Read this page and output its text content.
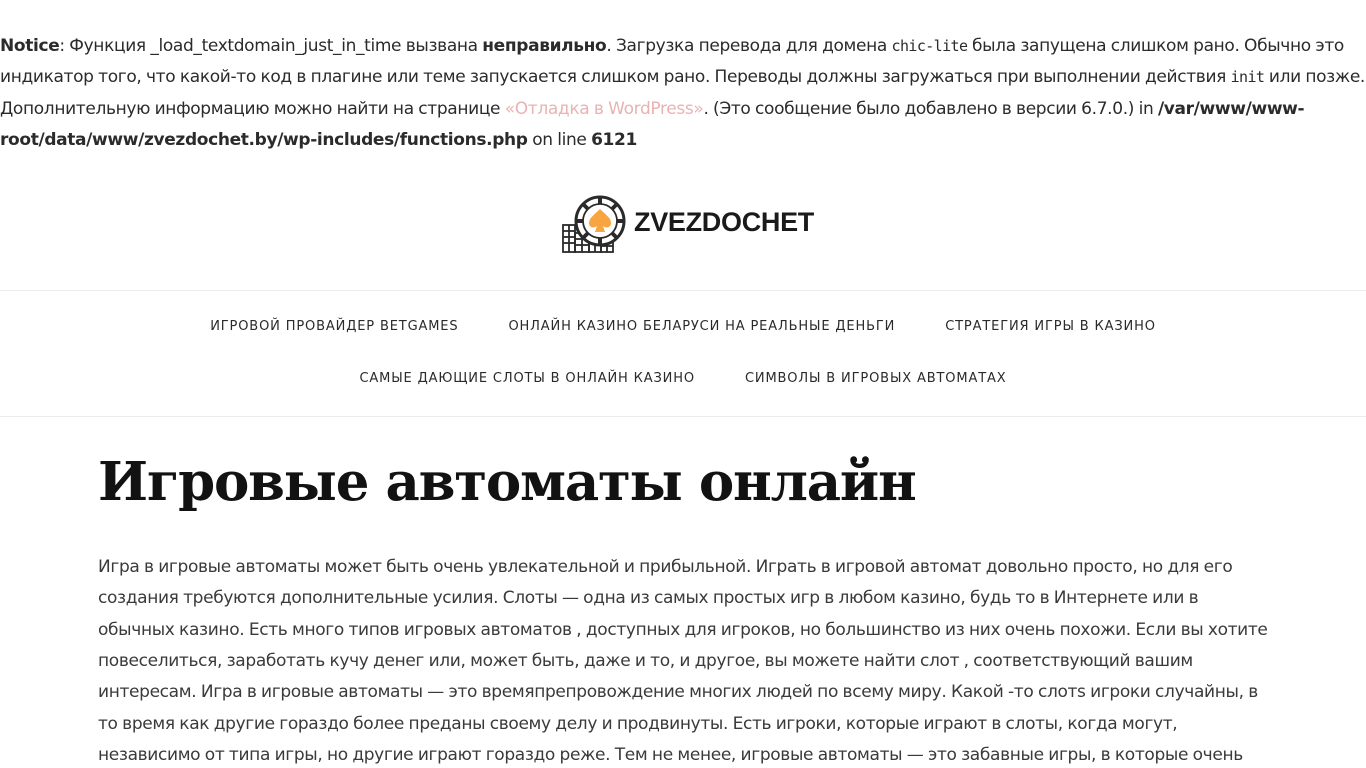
Notice: Функция _load_textdomain_just_in_time вызвана неправильно. Загрузка перевода для домена chic-lite была запущена слишком рано. Обычно это индикатор того, что какой-то код в плагине или теме запускается слишком рано. Переводы должны загружаться при выполнении действия init или позже. Дополнительную информацию можно найти на странице «Отладка в WordPress». (Это сообщение было добавлено в версии 6.7.0.) in /var/www/www-root/data/www/zvezdochet.by/wp-includes/functions.php on line 6121
ZVEZDOCHET
ИГРОВОЙ ПРОВАЙДЕР BETGAMES	ОНЛАЙН КАЗИНО БЕЛАРУСИ НА РЕАЛЬНЫЕ ДЕНЬГИ	СТРАТЕГИЯ ИГРЫ В КАЗИНО
САМЫЕ ДАЮЩИЕ СЛОТЫ В ОНЛАЙН КАЗИНО	СИМВОЛЫ В ИГРОВЫХ АВТОМАТАХ
Игровые автоматы онлайн

Игра в игровые автоматы может быть очень увлекательной и прибыльной. Играть в игровой автомат довольно просто, но для его создания требуются дополнительные усилия. Слоты — одна из самых простых игр в любом казино, будь то в Интернете или в обычных казино. Есть много типов игровых автоматов , доступных для игроков, но большинство из них очень похожи. Если вы хотите повеселиться, заработать кучу денег или, может быть, даже и то, и другое, вы можете найти слот , соответствующий вашим интересам. Игра в игровые автоматы — это времяпрепровождение многих людей по всему миру. Какой -то слотs игроки случайны, в то время как другие гораздо более преданы своему делу и продвинуты. Есть игроки, которые играют в слоты, когда могут, независимо от типа игры, но другие играют гораздо реже. Тем не менее, игровые автоматы — это забавные игры, в которые очень
